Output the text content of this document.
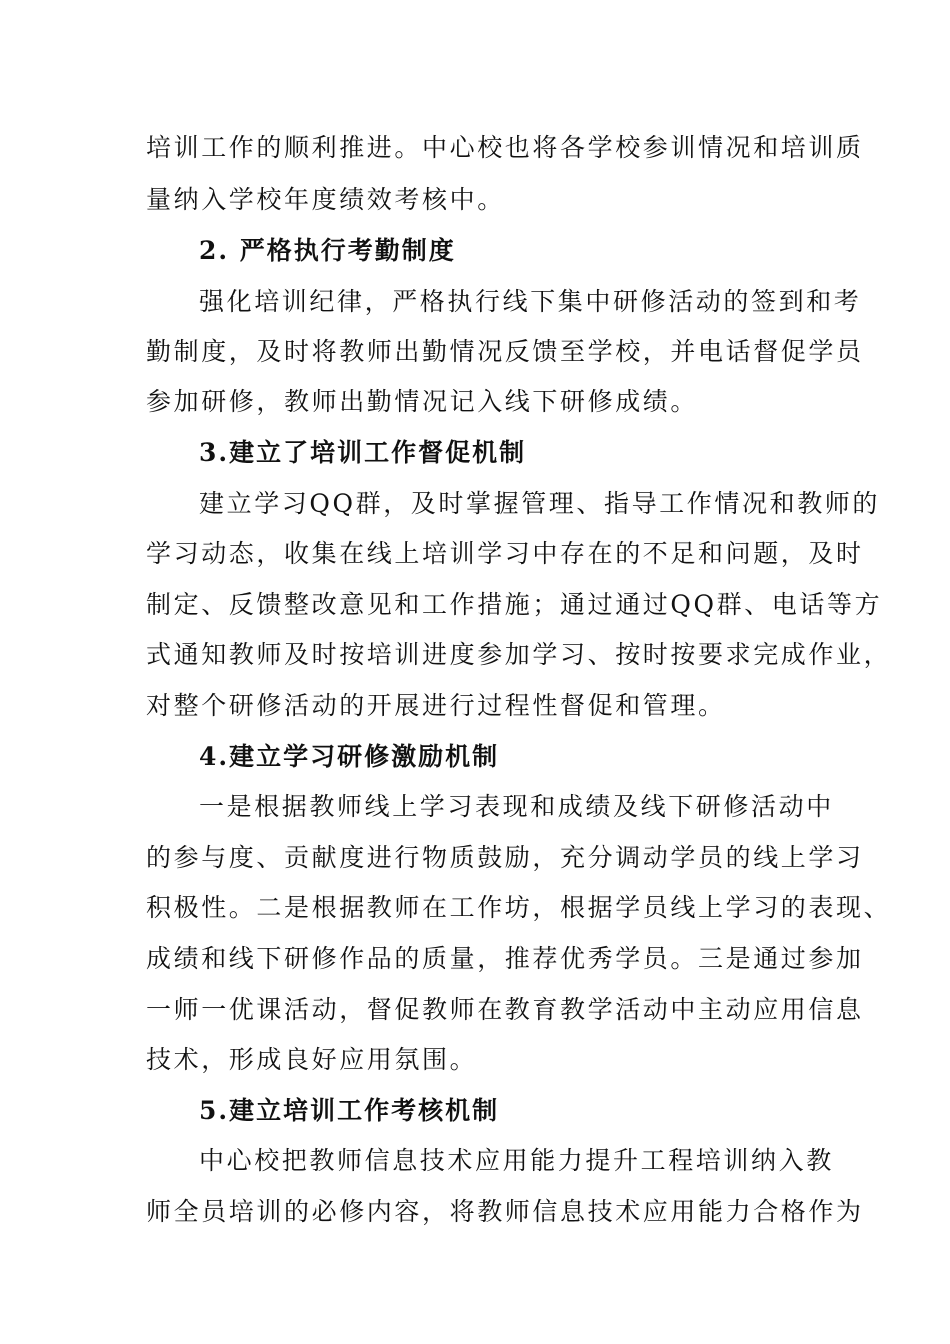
培训工作的顺利推进。中心校也将各学校参训情况和培训质
量纳入学校年度绩效考核中。
2. 严格执行考勤制度
强化培训纪律，严格执行线下集中研修活动的签到和考
勤制度，及时将教师出勤情况反馈至学校，并电话督促学员
参加研修，教师出勤情况记入线下研修成绩。
3.建立了培训工作督促机制
建立学习QQ群，及时掌握管理、指导工作情况和教师的
学习动态，收集在线上培训学习中存在的不足和问题，及时
制定、反馈整改意见和工作措施；通过通过QQ群、电话等方
式通知教师及时按培训进度参加学习、按时按要求完成作业，
对整个研修活动的开展进行过程性督促和管理。
4.建立学习研修激励机制
一是根据教师线上学习表现和成绩及线下研修活动中
的参与度、贡献度进行物质鼓励，充分调动学员的线上学习
积极性。二是根据教师在工作坊，根据学员线上学习的表现、
成绩和线下研修作品的质量，推荐优秀学员。三是通过参加
一师一优课活动，督促教师在教育教学活动中主动应用信息
技术，形成良好应用氛围。
5.建立培训工作考核机制
中心校把教师信息技术应用能力提升工程培训纳入教
师全员培训的必修内容，将教师信息技术应用能力合格作为
